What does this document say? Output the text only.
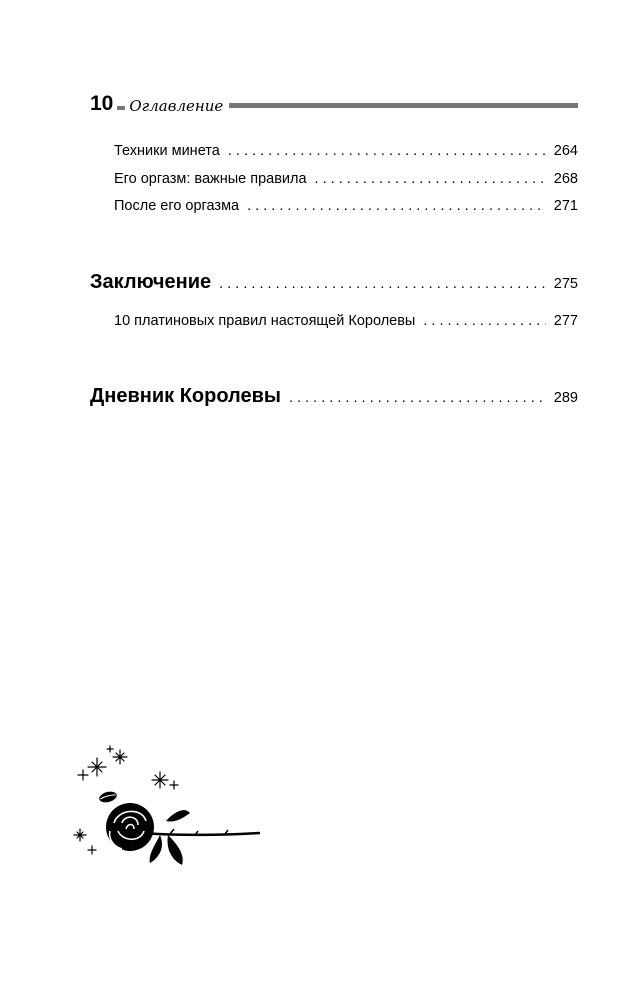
10 Оглавление
Техники минета . . .	264
Его оргазм: важные правила . . .	268
После его оргазма . . .	271
Заключение . . .	275
10 платиновых правил настоящей Королевы . . .	277
Дневник Королевы . . .	289
